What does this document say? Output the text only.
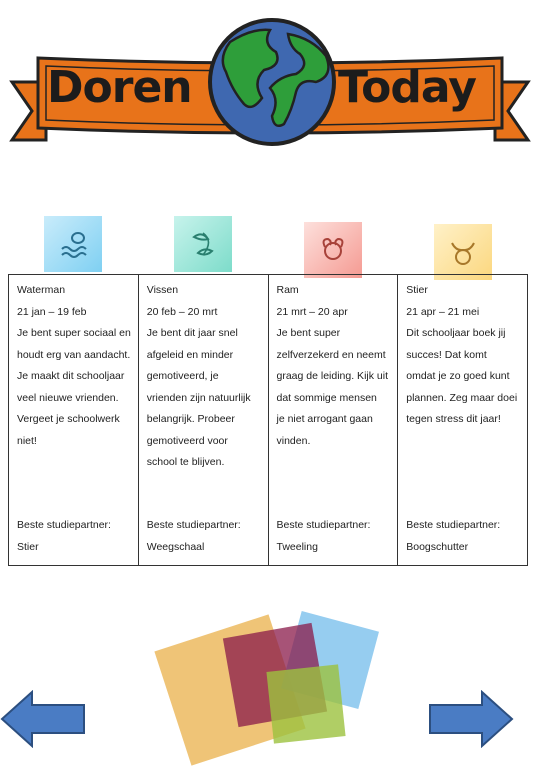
Doren	Today
Waterman
21 jan – 19 feb
Je bent super sociaal en
houdt erg van aandacht.
Je maakt dit schooljaar
veel nieuwe vrienden.
Vergeet je schoolwerk
niet!
Beste studiepartner:
Stier
Vissen
20 feb – 20 mrt
Je bent dit jaar snel
afgeleid en minder
gemotiveerd, je
vrienden zijn natuurlijk
belangrijk. Probeer
gemotiveerd voor
school te blijven.
Beste studiepartner:
Weegschaal
Ram
21 mrt – 20 apr
Je bent super
zelfverzekerd en neemt
graag de leiding. Kijk uit
dat sommige mensen
je niet arrogant gaan
vinden.
Beste studiepartner:
Tweeling
Stier
21 apr – 21 mei
Dit schooljaar boek jij
succes! Dat komt
omdat je zo goed kunt
plannen. Zeg maar doei
tegen stress dit jaar!
Beste studiepartner:
Boogschutter
